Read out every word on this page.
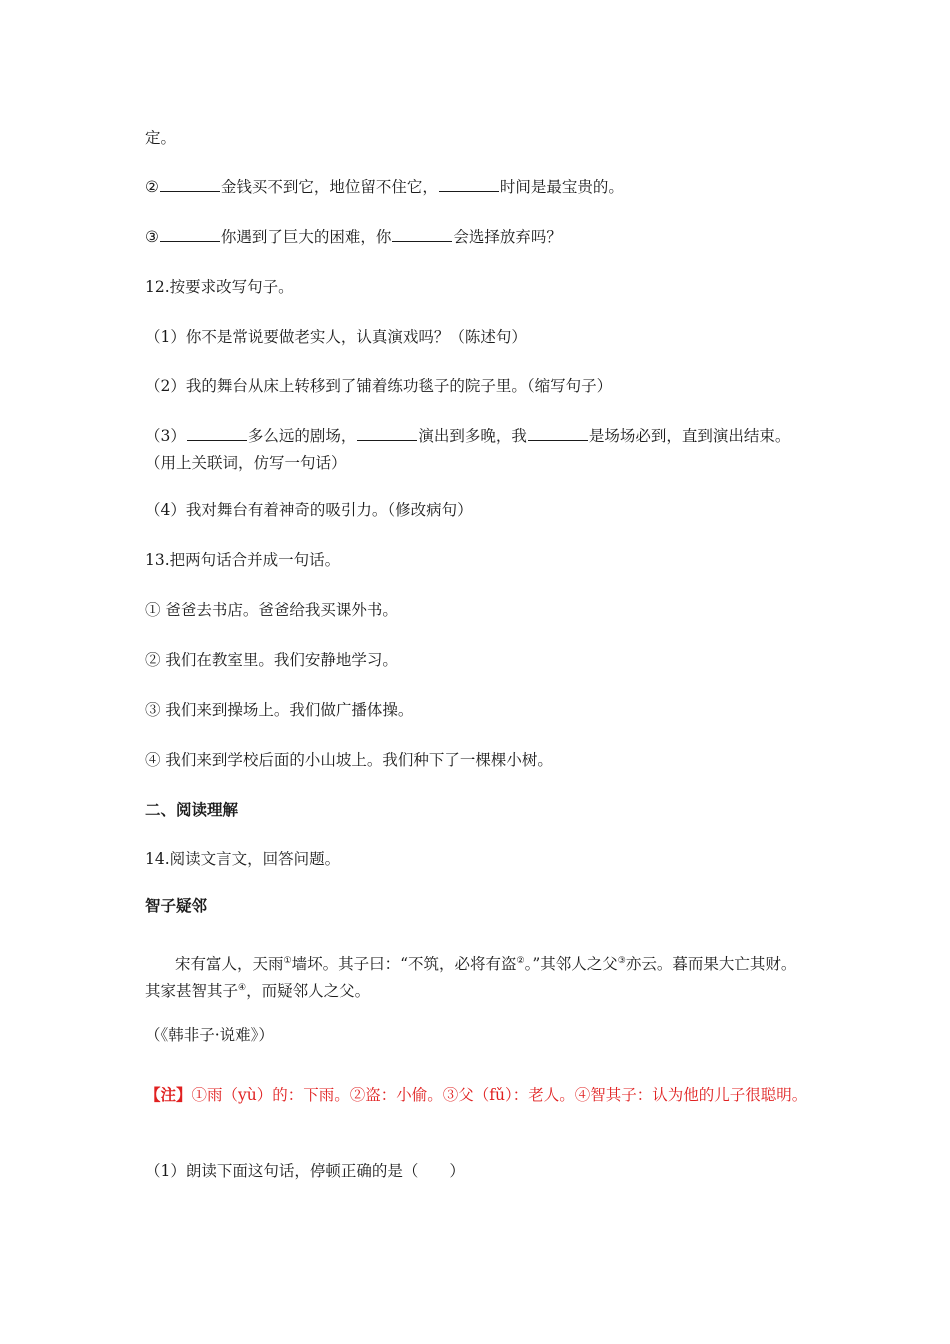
定。
②	金钱买不到它，地位留不住它，	时间是最宝贵的。
③	你遇到了巨大的困难，你	会选择放弃吗？
12.按要求改写句子。
（1）你不是常说要做老实人，认真演戏吗？（陈述句）
（2）我的舞台从床上转移到了铺着练功毯子的院子里。（缩写句子）
（3）	多么远的剧场，	演出到多晚，我	是场场必到，直到演出结束。（用上关联词，仿写一句话）
（4）我对舞台有着神奇的吸引力。（修改病句）
13.把两句话合并成一句话。
① 爸爸去书店。爸爸给我买课外书。
② 我们在教室里。我们安静地学习。
③ 我们来到操场上。我们做广播体操。
④ 我们来到学校后面的小山坡上。我们种下了一棵棵小树。
二、阅读理解
14.阅读文言文，回答问题。
智子疑邻
宋有富人，天雨①墙坏。其子曰：“不筑，必将有盗②。”其邻人之父③亦云。暮而果大亡其财。其家甚智其子④，而疑邻人之父。
（《韩非子·说难》）
【注】①雨（yù）的：下雨。②盗：小偷。③父（fǔ）：老人。④智其子：认为他的儿子很聪明。
（1）朗读下面这句话，停顿正确的是（　　）
